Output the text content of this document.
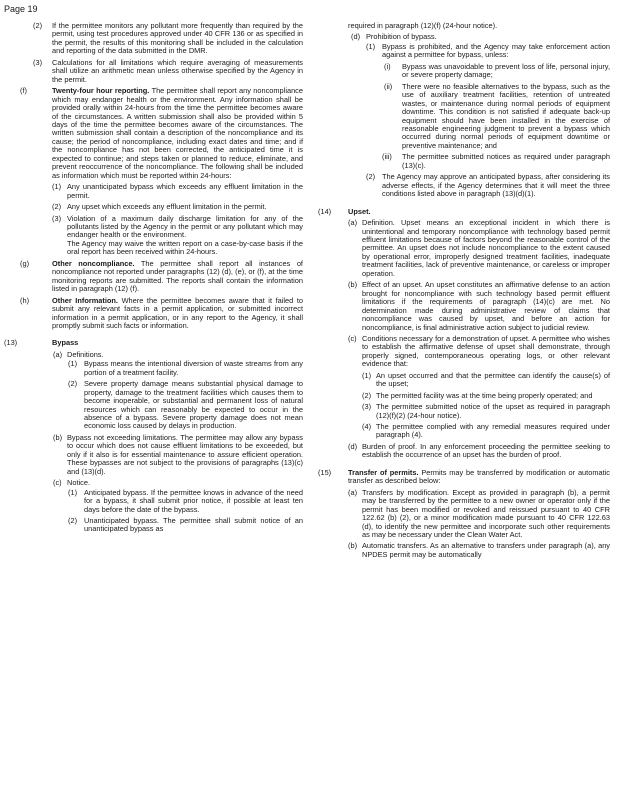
Page 19
(2) If the permittee monitors any pollutant more frequently than required by the permit, using test procedures approved under 40 CFR 136 or as specified in the permit, the results of this monitoring shall be included in the calculation and reporting of the data submitted in the DMR.
(3) Calculations for all limitations which require averaging of measurements shall utilize an arithmetic mean unless otherwise specified by the Agency in the permit.
(f)	Twenty-four hour reporting. The permittee shall report any noncompliance which may endanger health or the environment. Any information shall be provided orally within 24-hours from the time the permittee becomes aware of the circumstances. A written submission shall also be provided within 5 days of the time the permittee becomes aware of the circumstances. The written submission shall contain a description of the noncompliance and its cause; the period of noncompliance, including exact dates and time; and if the noncompliance has not been corrected, the anticipated time it is expected to continue; and steps taken or planned to reduce, eliminate, and prevent reoccurrence of the noncompliance. The following shall be included as information which must be reported within 24-hours:
(1) Any unanticipated bypass which exceeds any effluent limitation in the permit.
(2) Any upset which exceeds any effluent limitation in the permit.
(3) Violation of a maximum daily discharge limitation for any of the pollutants listed by the Agency in the permit or any pollutant which may endanger health or the environment.
The Agency may waive the written report on a case-by-case basis if the oral report has been received within 24-hours.
(g)	Other noncompliance. The permittee shall report all instances of noncompliance not reported under paragraphs (12) (d), (e), or (f), at the time monitoring reports are submitted. The reports shall contain the information listed in paragraph (12) (f).
(h)	Other Information. Where the permittee becomes aware that it failed to submit any relevant facts in a permit application, or submitted incorrect information in a permit application, or in any report to the Agency, it shall promptly submit such facts or information.
(13)	Bypass
(a) Definitions.
(1) Bypass means the intentional diversion of waste streams from any portion of a treatment facility.
(2) Severe property damage means substantial physical damage to property, damage to the treatment facilities which causes them to become inoperable, or substantial and permanent loss of natural resources which can reasonably be expected to occur in the absence of a bypass. Severe property damage does not mean economic loss caused by delays in production.
(b) Bypass not exceeding limitations. The permittee may allow any bypass to occur which does not cause effluent limitations to be exceeded, but only if it also is for essential maintenance to assure efficient operation. These bypasses are not subject to the provisions of paragraphs (13)(c) and (13)(d).
(c) Notice.
(1) Anticipated bypass. If the permittee knows in advance of the need for a bypass, it shall submit prior notice, if possible at least ten days before the date of the bypass.
(2) Unanticipated bypass. The permittee shall submit notice of an unanticipated bypass as
required in paragraph (12)(f) (24-hour notice).
(d) Prohibition of bypass.
(1) Bypass is prohibited, and the Agency may take enforcement action against a permittee for bypass, unless:
(i) Bypass was unavoidable to prevent loss of life, personal injury, or severe property damage;
(ii) There were no feasible alternatives to the bypass, such as the use of auxiliary treatment facilities, retention of untreated wastes, or maintenance during normal periods of equipment downtime. This condition is not satisfied if adequate back-up equipment should have been installed in the exercise of reasonable engineering judgment to prevent a bypass which occurred during normal periods of equipment downtime or preventive maintenance; and
(iii) The permittee submitted notices as required under paragraph (13)(c).
(2) The Agency may approve an anticipated bypass, after considering its adverse effects, if the Agency determines that it will meet the three conditions listed above in paragraph (13)(d)(1).
(14) Upset.
(a) Definition. Upset means an exceptional incident in which there is unintentional and temporary noncompliance with technology based permit effluent limitations because of factors beyond the reasonable control of the permittee. An upset does not include noncompliance to the extent caused by operational error, improperly designed treatment facilities, inadequate treatment facilities, lack of preventive maintenance, or careless or improper operation.
(b) Effect of an upset. An upset constitutes an affirmative defense to an action brought for noncompliance with such technology based permit effluent limitations if the requirements of paragraph (14)(c) are met. No determination made during administrative review of claims that noncompliance was caused by upset, and before an action for noncompliance, is final administrative action subject to judicial review.
(c) Conditions necessary for a demonstration of upset. A permittee who wishes to establish the affirmative defense of upset shall demonstrate, through properly signed, contemporaneous operating logs, or other relevant evidence that:
(1) An upset occurred and that the permittee can identify the cause(s) of the upset;
(2) The permitted facility was at the time being properly operated; and
(3) The permittee submitted notice of the upset as required in paragraph (12)(f)(2) (24-hour notice).
(4) The permittee complied with any remedial measures required under paragraph (4).
(d) Burden of proof. In any enforcement proceeding the permittee seeking to establish the occurrence of an upset has the burden of proof.
(15) Transfer of permits. Permits may be transferred by modification or automatic transfer as described below:
(a) Transfers by modification. Except as provided in paragraph (b), a permit may be transferred by the permittee to a new owner or operator only if the permit has been modified or revoked and reissued pursuant to 40 CFR 122.62 (b) (2), or a minor modification made pursuant to 40 CFR 122.63 (d), to identify the new permittee and incorporate such other requirements as may be necessary under the Clean Water Act.
(b) Automatic transfers. As an alternative to transfers under paragraph (a), any NPDES permit may be automatically
